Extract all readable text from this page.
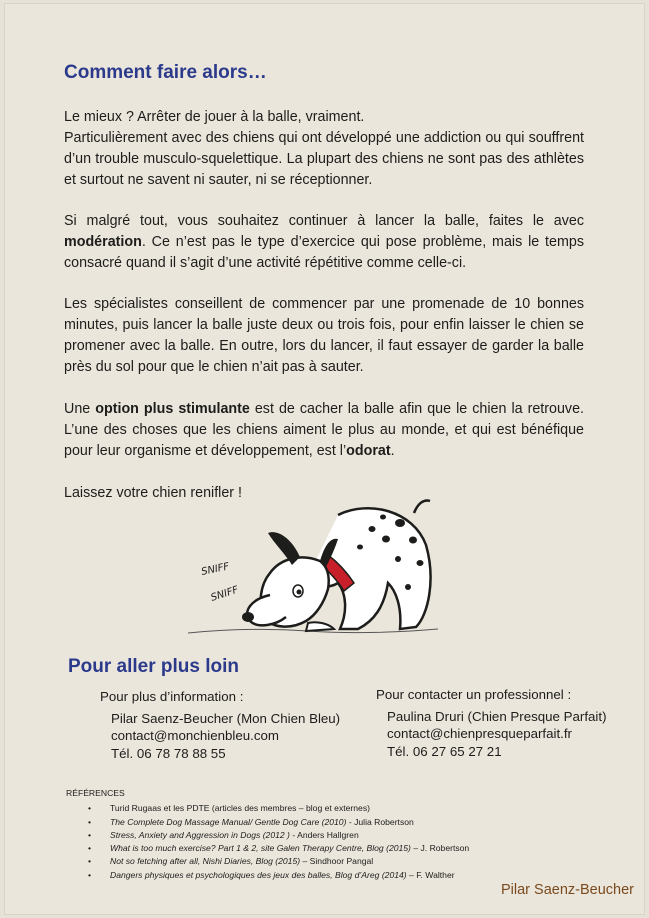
Comment faire alors…

Le mieux ? Arrêter de jouer à la balle, vraiment.

Particulièrement avec des chiens qui ont développé une addiction ou qui souffrent d’un trouble musculo-squelettique. La plupart des chiens ne sont pas des athlètes et surtout ne savent ni sauter, ni se réceptionner.

Si malgré tout, vous souhaitez continuer à lancer la balle, faites le avec modération. Ce n’est pas le type d’exercice qui pose problème, mais le temps consacré quand il s’agit d’une activité répétitive comme celle-ci.

Les spécialistes conseillent de commencer par une promenade de 10 bonnes minutes, puis lancer la balle juste deux ou trois fois, pour enfin laisser le chien se promener avec la balle. En outre, lors du lancer, il faut essayer de garder la balle près du sol pour que le chien n’ait pas à sauter.

Une option plus stimulante est de cacher la balle afin que le chien la retrouve. L’une des choses que les chiens aiment le plus au monde, et qui est bénéfique pour leur organisme et développement, est l’odorat.

Laissez votre chien renifler !

SNIFF
SNIFF
Pour aller plus loin
Pour plus d’information :
Pilar Saenz-Beucher (Mon Chien Bleu)
contact@monchienbleu.com
Tél. 06 78 78 88 55
Pour contacter un professionnel :
Paulina Druri (Chien Presque Parfait)
contact@chienpresqueparfait.fr
Tél. 06 27 65 27 21
RÉFÉRENCES
• Turid Rugaas et les PDTE (articles des membres – blog et externes)
• The Complete Dog Massage Manual/ Gentle Dog Care (2010) - Julia Robertson
• Stress, Anxiety and Aggression in Dogs (2012 ) - Anders Hallgren
• What is too much exercise? Part 1 & 2, site Galen Therapy Centre, Blog (2015) – J. Robertson
• Not so fetching after all, Nishi Diaries, Blog (2015) – Sindhoor Pangal
• Dangers physiques et psychologiques des jeux des balles, Blog d’Areg (2014) – F. Walther
Pilar Saenz-Beucher
